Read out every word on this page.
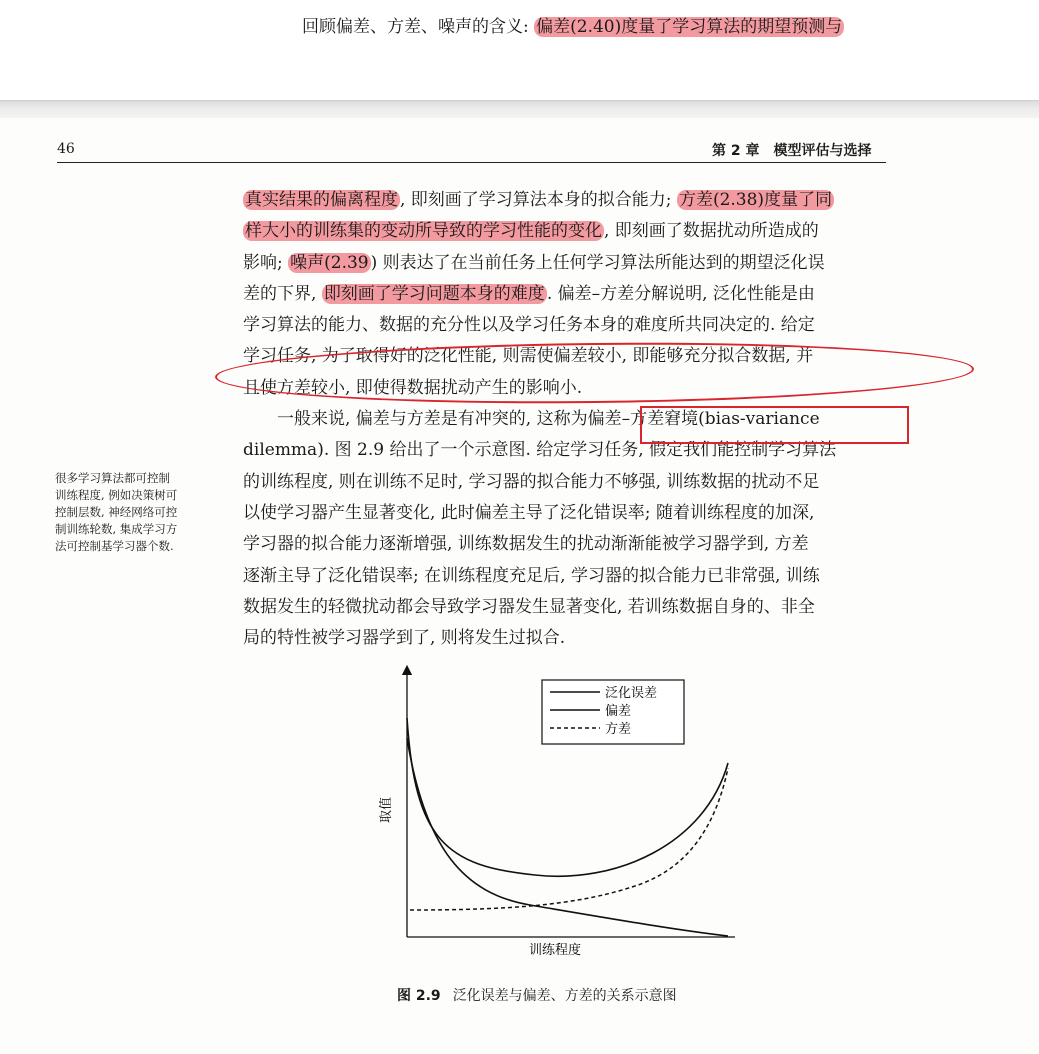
回顾偏差、方差、噪声的含义: 偏差(2.40)度量了学习算法的期望预测与
46	第 2 章　模型评估与选择
真实结果的偏离程度 , 即刻画了学习算法本身的拟合能力; 方差(2.38)度量了同
样大小的训练集的变动所导致的学习性能的变化 , 即刻画了数据扰动所造成的
影响; 噪声(2.39 ) 则表达了在当前任务上任何学习算法所能达到的期望泛化误
差的下界, 即刻画了学习问题本身的难度 . 偏差–方差分解说明, 泛化性能是由
学习算法的能力、数据的充分性以及学习任务本身的难度所共同决定的. 给定
学习任务, 为了取得好的泛化性能, 则需使偏差较小, 即能够充分拟合数据, 并
且使方差较小, 即使得数据扰动产生的影响小.
一般来说, 偏差与方差是有冲突的, 这称为偏差–方差窘境(bias-variance
dilemma). 图 2.9 给出了一个示意图. 给定学习任务, 假定我们能控制学习算法
的训练程度, 则在训练不足时, 学习器的拟合能力不够强, 训练数据的扰动不足
以使学习器产生显著变化, 此时偏差主导了泛化错误率; 随着训练程度的加深,
学习器的拟合能力逐渐增强, 训练数据发生的扰动渐渐能被学习器学到, 方差
逐渐主导了泛化错误率; 在训练程度充足后, 学习器的拟合能力已非常强, 训练
数据发生的轻微扰动都会导致学习器发生显著变化, 若训练数据自身的、非全
局的特性被学习器学到了, 则将发生过拟合.
很多学习算法都可控制
训练程度, 例如决策树可
控制层数, 神经网络可控
制训练轮数, 集成学习方
法可控制基学习器个数.
泛化误差
偏差
方差
取值
训练程度
图 2.9 泛化误差与偏差、方差的关系示意图
